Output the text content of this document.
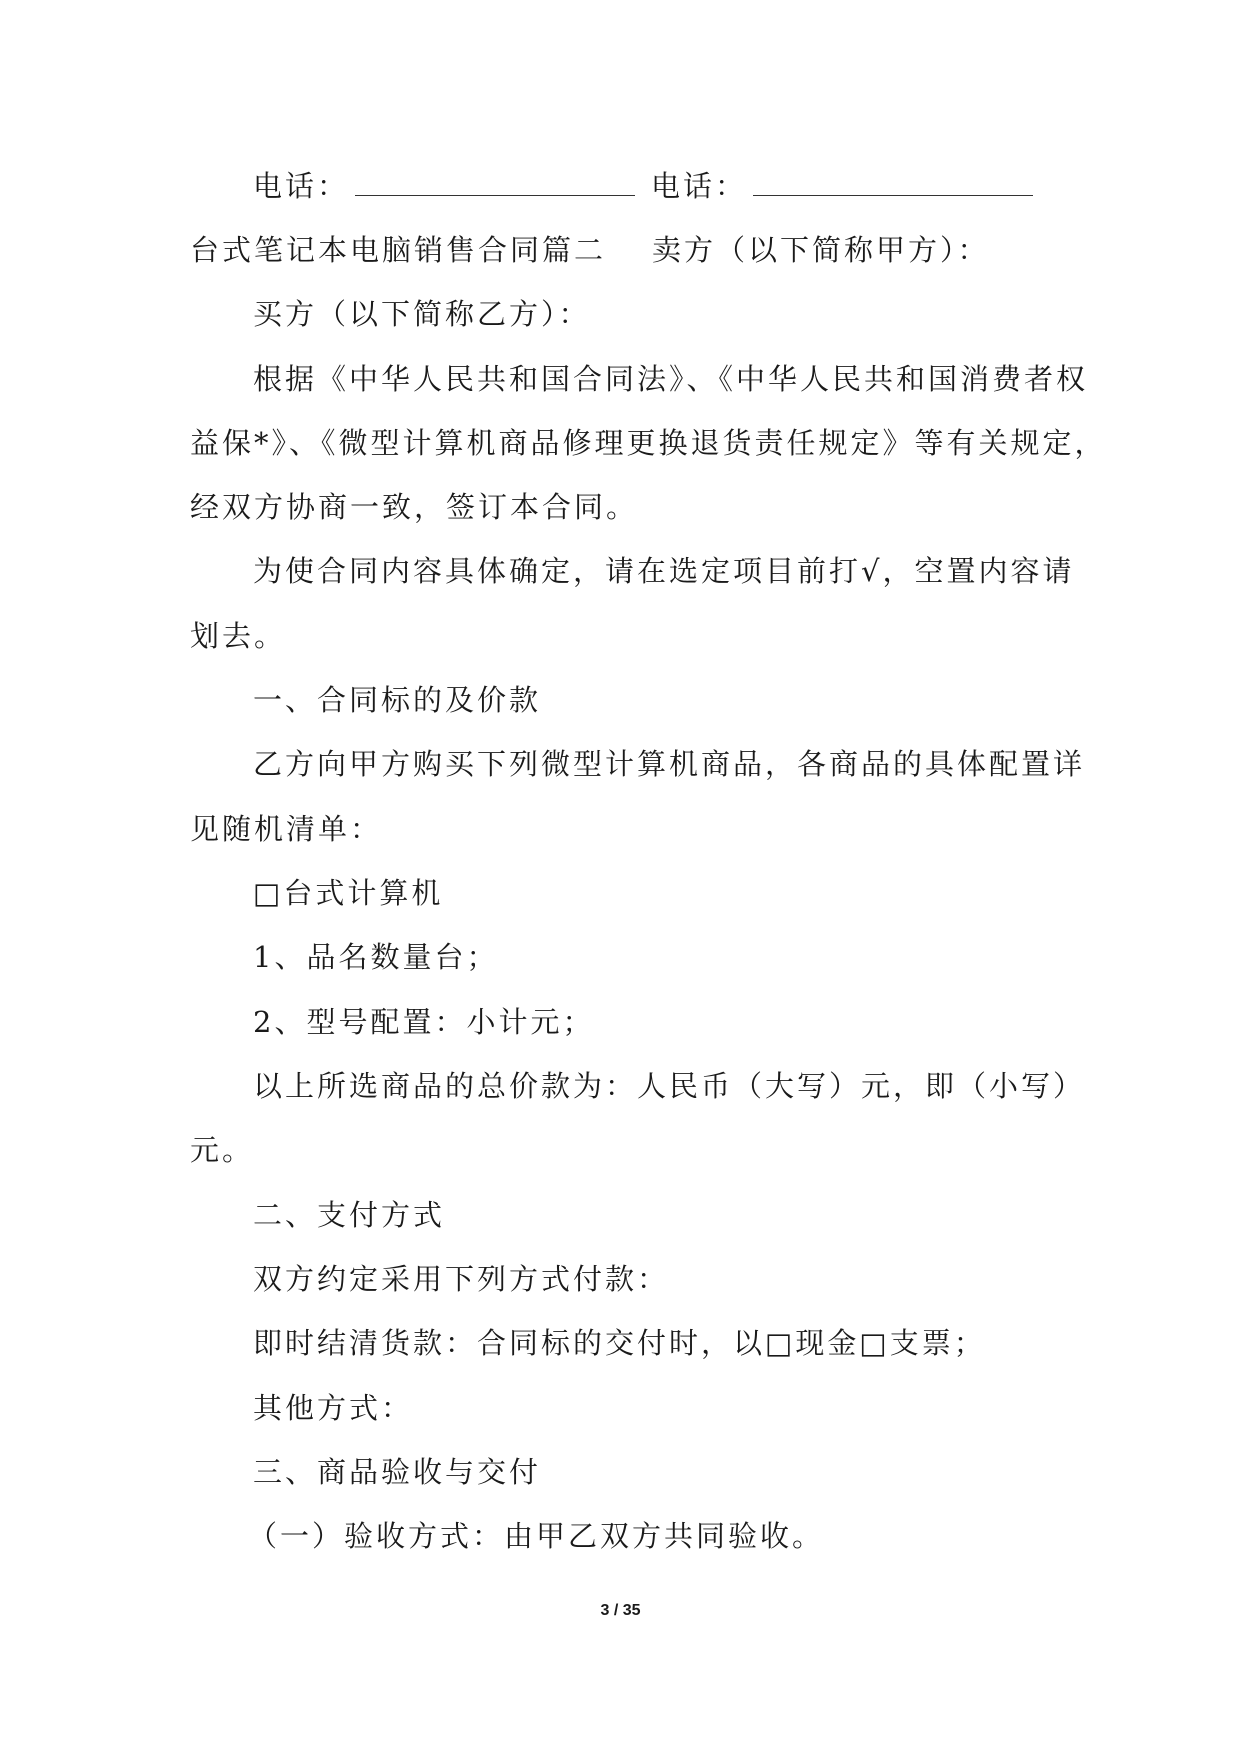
电话：	电话：
台式笔记本电脑销售合同篇二 卖方（以下简称甲方）：
买方（以下简称乙方）：
根据《中华人民共和国合同法》、《中华人民共和国消费者权
益保*》、《微型计算机商品修理更换退货责任规定》等有关规定，
经双方协商一致，签订本合同。
为使合同内容具体确定，请在选定项目前打√，空置内容请
划去。
一、合同标的及价款
乙方向甲方购买下列微型计算机商品，各商品的具体配置详
见随机清单：
□台式计算机
1、品名数量台；
2、型号配置：小计元；
以上所选商品的总价款为：人民币（大写）元，即（小写）
元。
二、支付方式
双方约定采用下列方式付款：
即时结清货款：合同标的交付时，以□现金□支票；
其他方式：
三、商品验收与交付
（一）验收方式：由甲乙双方共同验收。
3 / 35
